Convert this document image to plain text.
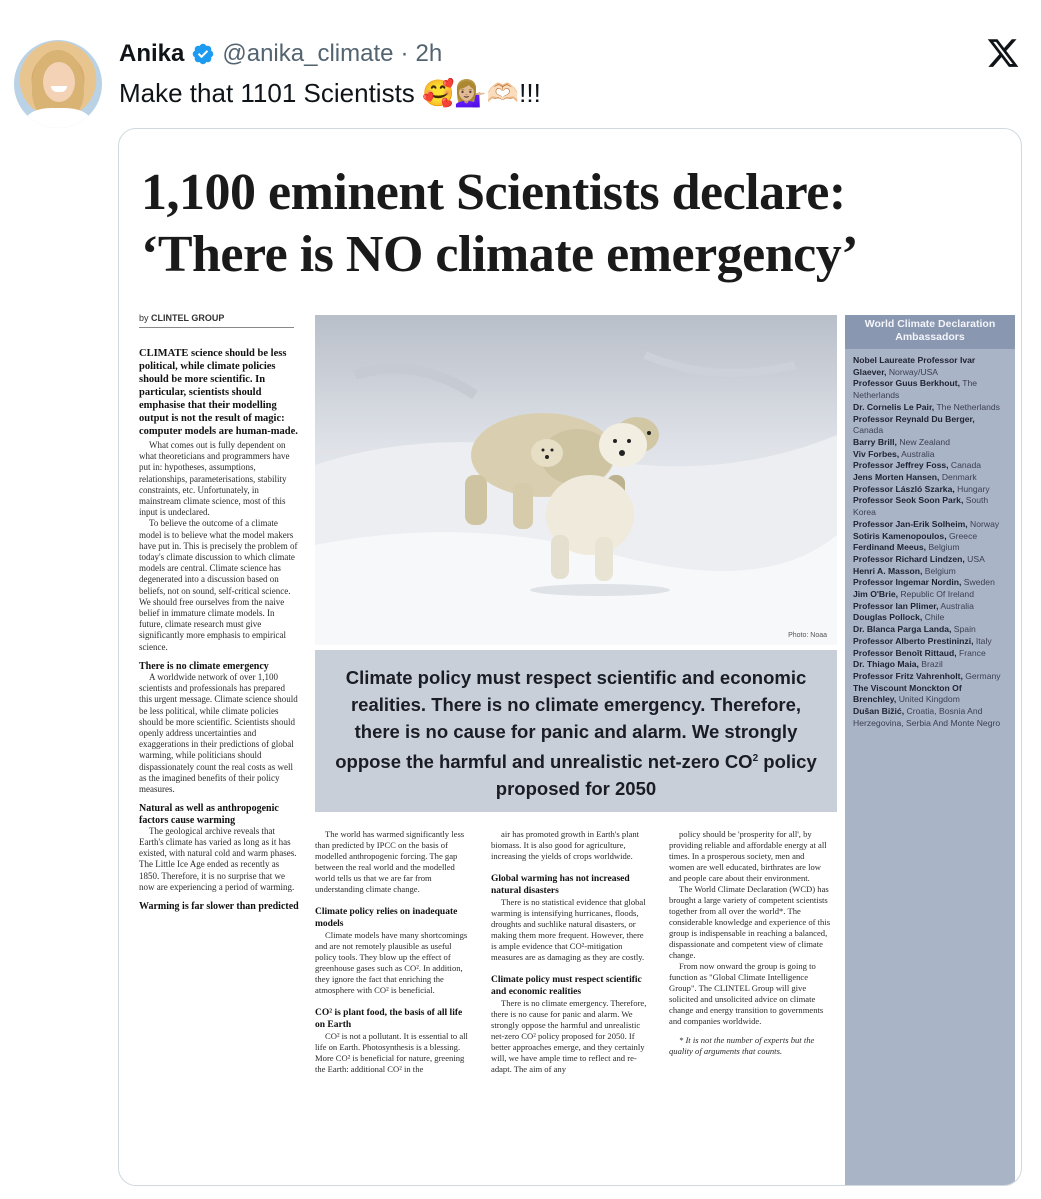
Anika @anika_climate · 2h
Make that 1101 Scientists 🥰💁🏼‍♀️🫶🏻!!!
1,100 eminent Scientists declare:
‘There is NO climate emergency’
by CLINTEL GROUP
CLIMATE science should be less political, while climate policies should be more scientific. In particular, scientists should emphasise that their modelling output is not the result of magic: computer models are human-made.

What comes out is fully dependent on what theoreticians and programmers have put in: hypotheses, assumptions, relationships, parameterisations, stability constraints, etc. Unfortunately, in mainstream climate science, most of this input is undeclared.

To believe the outcome of a climate model is to believe what the model makers have put in. This is precisely the problem of today's climate discussion to which climate models are central. Climate science has degenerated into a discussion based on beliefs, not on sound, self-critical science. We should free ourselves from the naive belief in immature climate models. In future, climate research must give significantly more emphasis to empirical science.

There is no climate emergency

A worldwide network of over 1,100 scientists and professionals has prepared this urgent message. Climate science should be less political, while climate policies should be more scientific. Scientists should openly address uncertainties and exaggerations in their predictions of global warming, while politicians should dispassionately count the real costs as well as the imagined benefits of their policy measures.

Natural as well as anthropogenic factors cause warming

The geological archive reveals that Earth's climate has varied as long as it has existed, with natural cold and warm phases. The Little Ice Age ended as recently as 1850. Therefore, it is no surprise that we now are experiencing a period of warming.

Warming is far slower than predicted
Photo: Noaa
Climate policy must respect scientific and economic realities. There is no climate emergency. Therefore, there is no cause for panic and alarm. We strongly oppose the harmful and unrealistic net-zero $CO^2$ policy proposed for 2050
World Climate Declaration Ambassadors
Nobel Laureate Professor Ivar Glaever, Norway/USA
Professor Guus Berkhout, The Netherlands
Dr. Cornelis Le Pair, The Netherlands
Professor Reynald Du Berger, Canada
Barry Brill, New Zealand
Viv Forbes, Australia
Professor Jeffrey Foss, Canada
Jens Morten Hansen, Denmark
Professor László Szarka, Hungary
Professor Seok Soon Park, South Korea
Professor Jan-Erik Solheim, Norway
Sotiris Kamenopoulos, Greece
Ferdinand Meeus, Belgium
Professor Richard Lindzen, USA
Henri A. Masson, Belgium
Professor Ingemar Nordin, Sweden
Jim O'Brie, Republic Of Ireland
Professor Ian Plimer, Australia
Douglas Pollock, Chile
Dr. Blanca Parga Landa, Spain
Professor Alberto Prestininzi, Italy
Professor Benoît Rittaud, France
Dr. Thiago Maia, Brazil
Professor Fritz Vahrenholt, Germany
The Viscount Monckton Of Brenchley, United Kingdom
Dušan Bižić, Croatia, Bosnia And Herzegovina, Serbia And Monte Negro

The world has warmed significantly less than predicted by IPCC on the basis of modelled anthropogenic forcing. The gap between the real world and the modelled world tells us that we are far from understanding climate change.

Climate policy relies on inadequate models

Climate models have many shortcomings and are not remotely plausible as useful policy tools. They blow up the effect of greenhouse gases such as CO². In addition, they ignore the fact that enriching the atmosphere with CO² is beneficial.

CO² is plant food, the basis of all life on Earth

CO² is not a pollutant. It is essential to all life on Earth. Photosynthesis is a blessing. More CO² is beneficial for nature, greening the Earth: additional CO² in the

air has promoted growth in Earth's plant biomass. It is also good for agriculture, increasing the yields of crops worldwide.

Global warming has not increased natural disasters

There is no statistical evidence that global warming is intensifying hurricanes, floods, droughts and suchlike natural disasters, or making them more frequent. However, there is ample evidence that CO²-mitigation measures are as damaging as they are costly.

Climate policy must respect scientific and economic realities

There is no climate emergency. Therefore, there is no cause for panic and alarm. We strongly oppose the harmful and unrealistic net-zero CO² policy proposed for 2050. If better approaches emerge, and they certainly will, we have ample time to reflect and re-adapt. The aim of any

policy should be 'prosperity for all', by providing reliable and affordable energy at all times. In a prosperous society, men and women are well educated, birthrates are low and people care about their environment.

The World Climate Declaration (WCD) has brought a large variety of competent scientists together from all over the world*. The considerable knowledge and experience of this group is indispensable in reaching a balanced, dispassionate and competent view of climate change.

From now onward the group is going to function as "Global Climate Intelligence Group". The CLINTEL Group will give solicited and unsolicited advice on climate change and energy transition to governments and companies worldwide.

* It is not the number of experts but the quality of arguments that counts.
